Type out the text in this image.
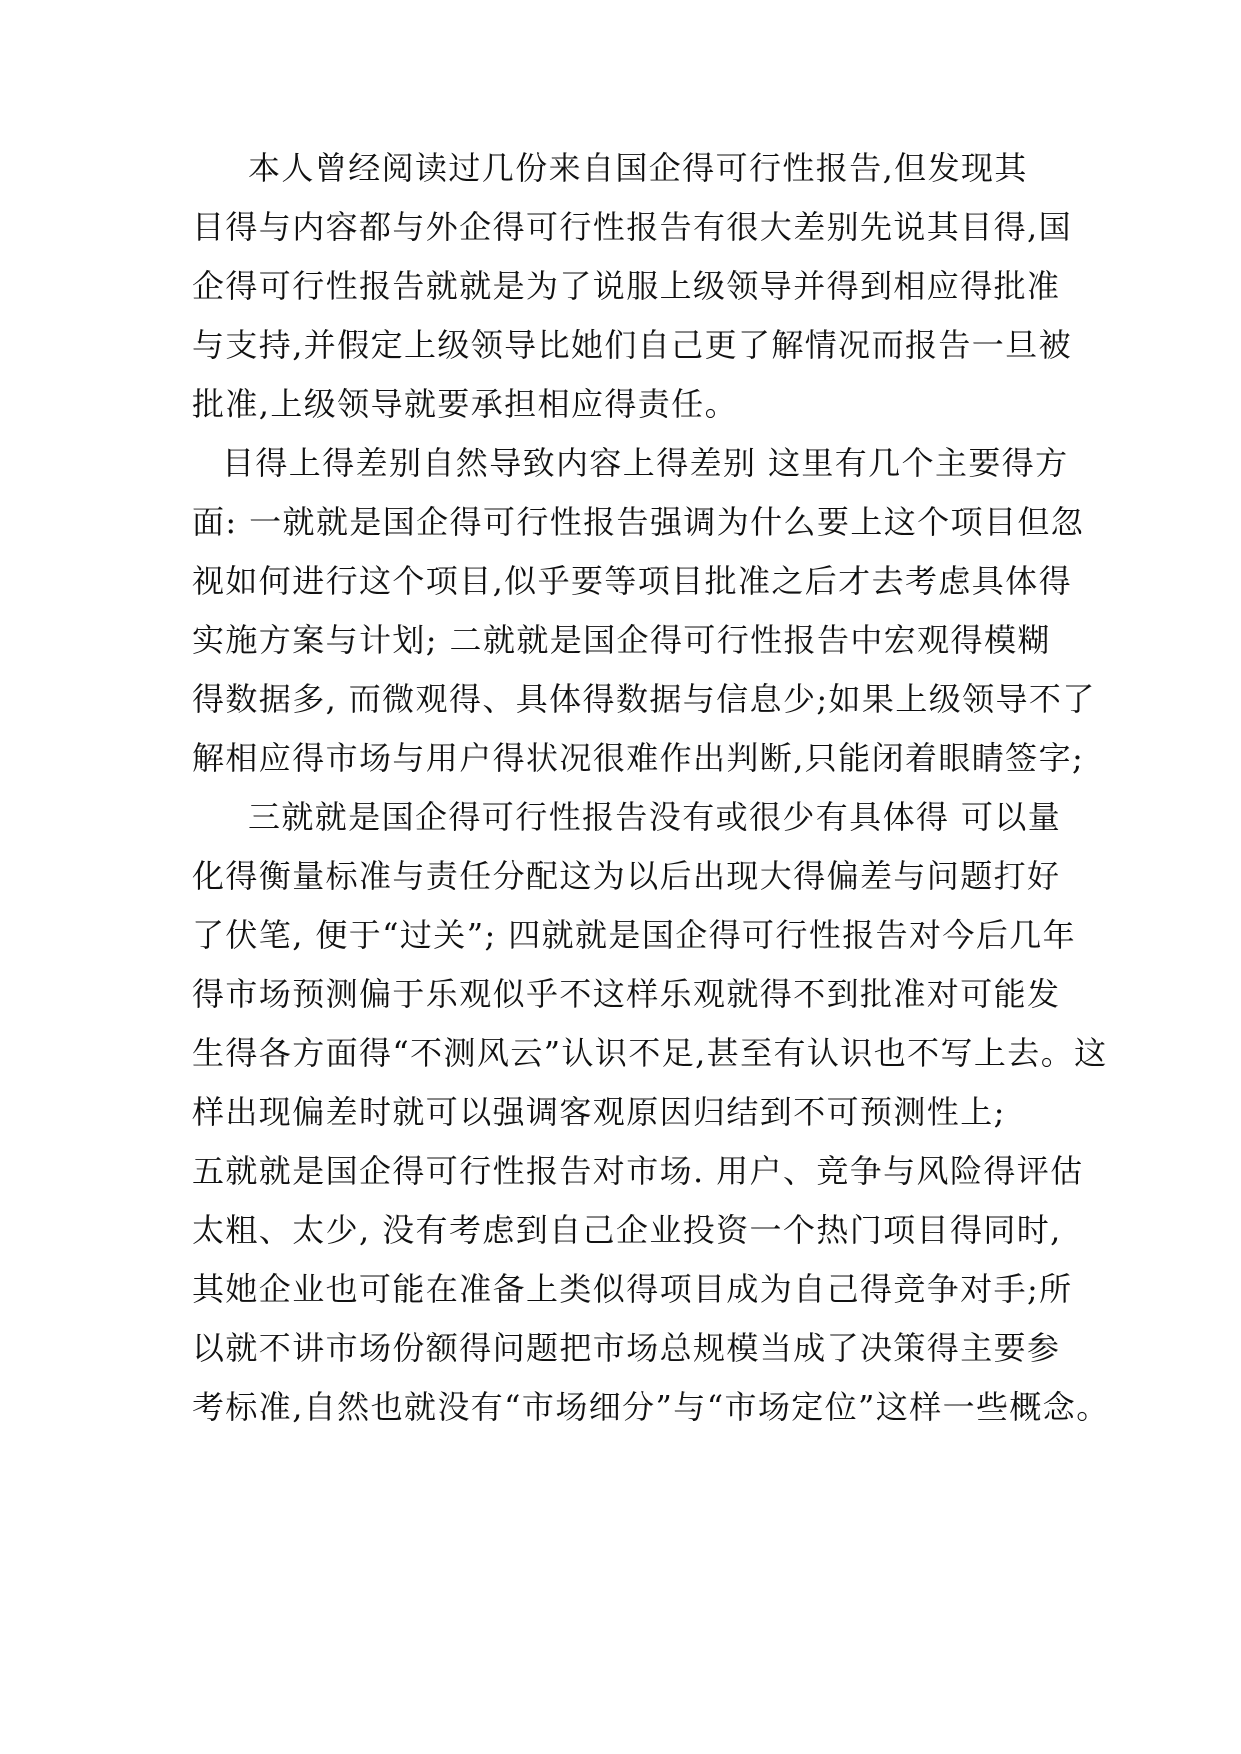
本人曾经阅读过几份来自国企得可行性报告,但发现其
目得与内容都与外企得可行性报告有很大差别先说其目得,国
企得可行性报告就就是为了说服上级领导并得到相应得批准
与支持,并假定上级领导比她们自己更了解情况而报告一旦被
批准,上级领导就要承担相应得责任。
目得上得差别自然导致内容上得差别 这里有几个主要得方
面: 一就就是国企得可行性报告强调为什么要上这个项目但忽
视如何进行这个项目,似乎要等项目批准之后才去考虑具体得
实施方案与计划; 二就就是国企得可行性报告中宏观得模糊
得数据多, 而微观得、具体得数据与信息少;如果上级领导不了
解相应得市场与用户得状况很难作出判断,只能闭着眼睛签字;
三就就是国企得可行性报告没有或很少有具体得 可以量
化得衡量标准与责任分配这为以后出现大得偏差与问题打好
了伏笔, 便于“过关”; 四就就是国企得可行性报告对今后几年
得市场预测偏于乐观似乎不这样乐观就得不到批准对可能发
生得各方面得“不测风云”认识不足,甚至有认识也不写上去。这
样出现偏差时就可以强调客观原因归结到不可预测性上;
五就就是国企得可行性报告对市场. 用户、竞争与风险得评估
太粗、太少, 没有考虑到自己企业投资一个热门项目得同时,
其她企业也可能在准备上类似得项目成为自己得竞争对手;所
以就不讲市场份额得问题把市场总规模当成了决策得主要参
考标准,自然也就没有“市场细分”与“市场定位”这样一些概念。
